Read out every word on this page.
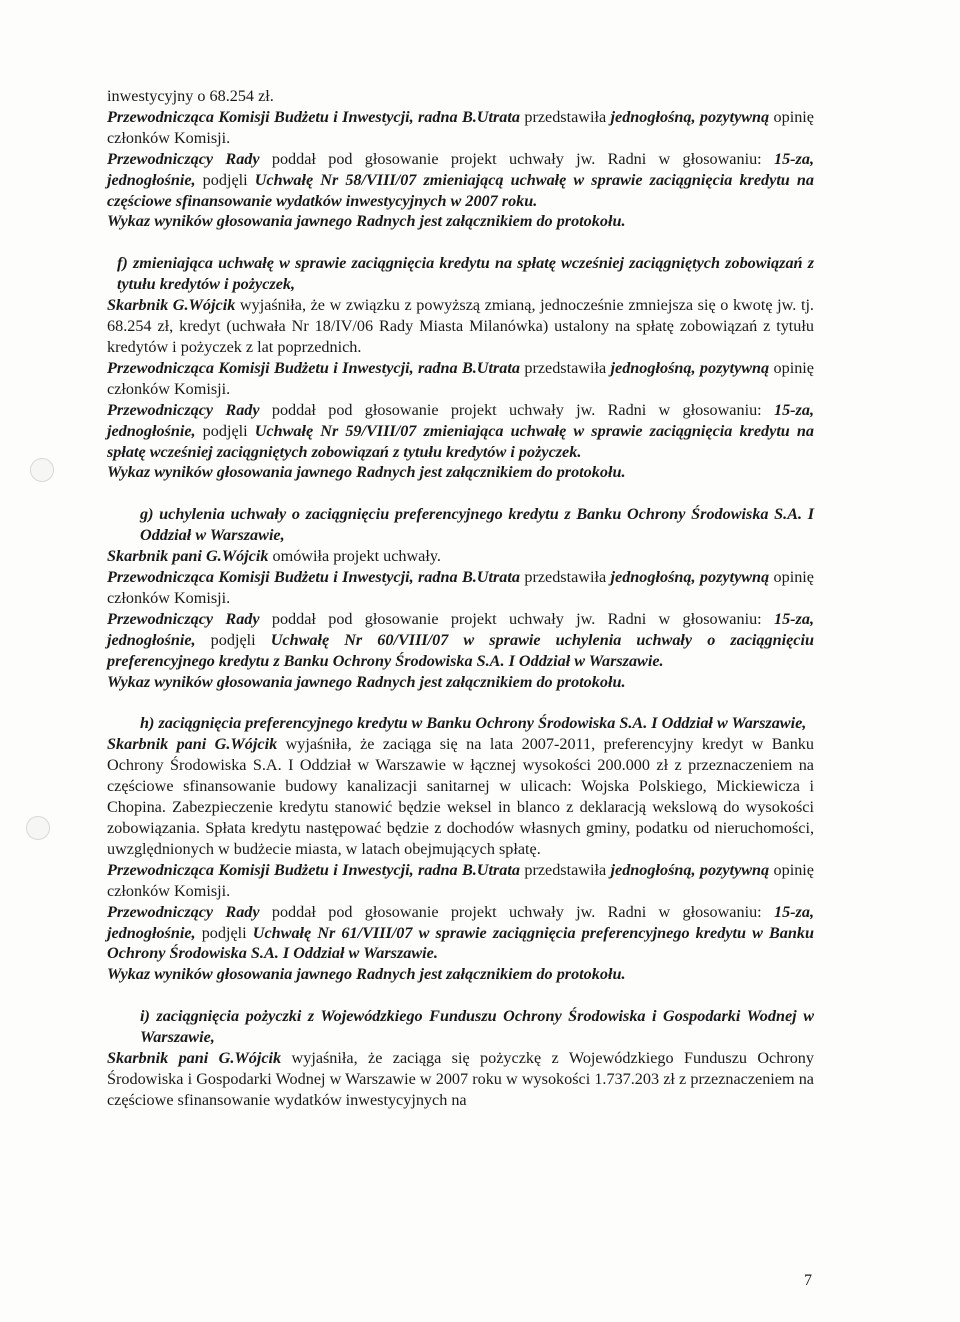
inwestycyjny o 68.254 zł.

Przewodnicząca Komisji Budżetu i Inwestycji, radna B.Utrata przedstawiła jednogłośną, pozytywną opinię członków Komisji.

Przewodniczący Rady poddał pod głosowanie projekt uchwały jw. Radni w głosowaniu: 15-za, jednogłośnie, podjęli Uchwałę Nr 58/VIII/07 zmieniającą uchwałę w sprawie zaciągnięcia kredytu na częściowe sfinansowanie wydatków inwestycyjnych w 2007 roku.

Wykaz wyników głosowania jawnego Radnych jest załącznikiem do protokołu.

f) zmieniająca uchwałę w sprawie zaciągnięcia kredytu na spłatę wcześniej zaciągniętych zobowiązań z tytułu kredytów i pożyczek,

Skarbnik G.Wójcik wyjaśniła, że w związku z powyższą zmianą, jednocześnie zmniejsza się o kwotę jw. tj. 68.254 zł, kredyt (uchwała Nr 18/IV/06 Rady Miasta Milanówka) ustalony na spłatę zobowiązań z tytułu kredytów i pożyczek z lat poprzednich.

Przewodnicząca Komisji Budżetu i Inwestycji, radna B.Utrata przedstawiła jednogłośną, pozytywną opinię członków Komisji.

Przewodniczący Rady poddał pod głosowanie projekt uchwały jw. Radni w głosowaniu: 15-za, jednogłośnie, podjęli Uchwałę Nr 59/VIII/07 zmieniająca uchwałę w sprawie zaciągnięcia kredytu na spłatę wcześniej zaciągniętych zobowiązań z tytułu kredytów i pożyczek.

Wykaz wyników głosowania jawnego Radnych jest załącznikiem do protokołu.

g) uchylenia uchwały o zaciągnięciu preferencyjnego kredytu z Banku Ochrony Środowiska S.A. I Oddział w Warszawie,

Skarbnik pani G.Wójcik omówiła projekt uchwały.

Przewodnicząca Komisji Budżetu i Inwestycji, radna B.Utrata przedstawiła jednogłośną, pozytywną opinię członków Komisji.

Przewodniczący Rady poddał pod głosowanie projekt uchwały jw. Radni w głosowaniu: 15-za, jednogłośnie, podjęli Uchwałę Nr 60/VIII/07 w sprawie uchylenia uchwały o zaciągnięciu preferencyjnego kredytu z Banku Ochrony Środowiska S.A. I Oddział w Warszawie.

Wykaz wyników głosowania jawnego Radnych jest załącznikiem do protokołu.

h) zaciągnięcia preferencyjnego kredytu w Banku Ochrony Środowiska S.A. I Oddział w Warszawie,

Skarbnik pani G.Wójcik wyjaśniła, że zaciąga się na lata 2007-2011, preferencyjny kredyt w Banku Ochrony Środowiska S.A. I Oddział w Warszawie w łącznej wysokości 200.000 zł z przeznaczeniem na częściowe sfinansowanie budowy kanalizacji sanitarnej w ulicach: Wojska Polskiego, Mickiewicza i Chopina. Zabezpieczenie kredytu stanowić będzie weksel in blanco z deklaracją wekslową do wysokości zobowiązania. Spłata kredytu następować będzie z dochodów własnych gminy, podatku od nieruchomości, uwzględnionych w budżecie miasta, w latach obejmujących spłatę.

Przewodnicząca Komisji Budżetu i Inwestycji, radna B.Utrata przedstawiła jednogłośną, pozytywną opinię członków Komisji.

Przewodniczący Rady poddał pod głosowanie projekt uchwały jw. Radni w głosowaniu: 15-za, jednogłośnie, podjęli Uchwałę Nr 61/VIII/07 w sprawie zaciągnięcia preferencyjnego kredytu w Banku Ochrony Środowiska S.A. I Oddział w Warszawie.

Wykaz wyników głosowania jawnego Radnych jest załącznikiem do protokołu.

i) zaciągnięcia pożyczki z Wojewódzkiego Funduszu Ochrony Środowiska i Gospodarki Wodnej w Warszawie,

Skarbnik pani G.Wójcik wyjaśniła, że zaciąga się pożyczkę z Wojewódzkiego Funduszu Ochrony Środowiska i Gospodarki Wodnej w Warszawie w 2007 roku w wysokości 1.737.203 zł z przeznaczeniem na częściowe sfinansowanie wydatków inwestycyjnych na

7
